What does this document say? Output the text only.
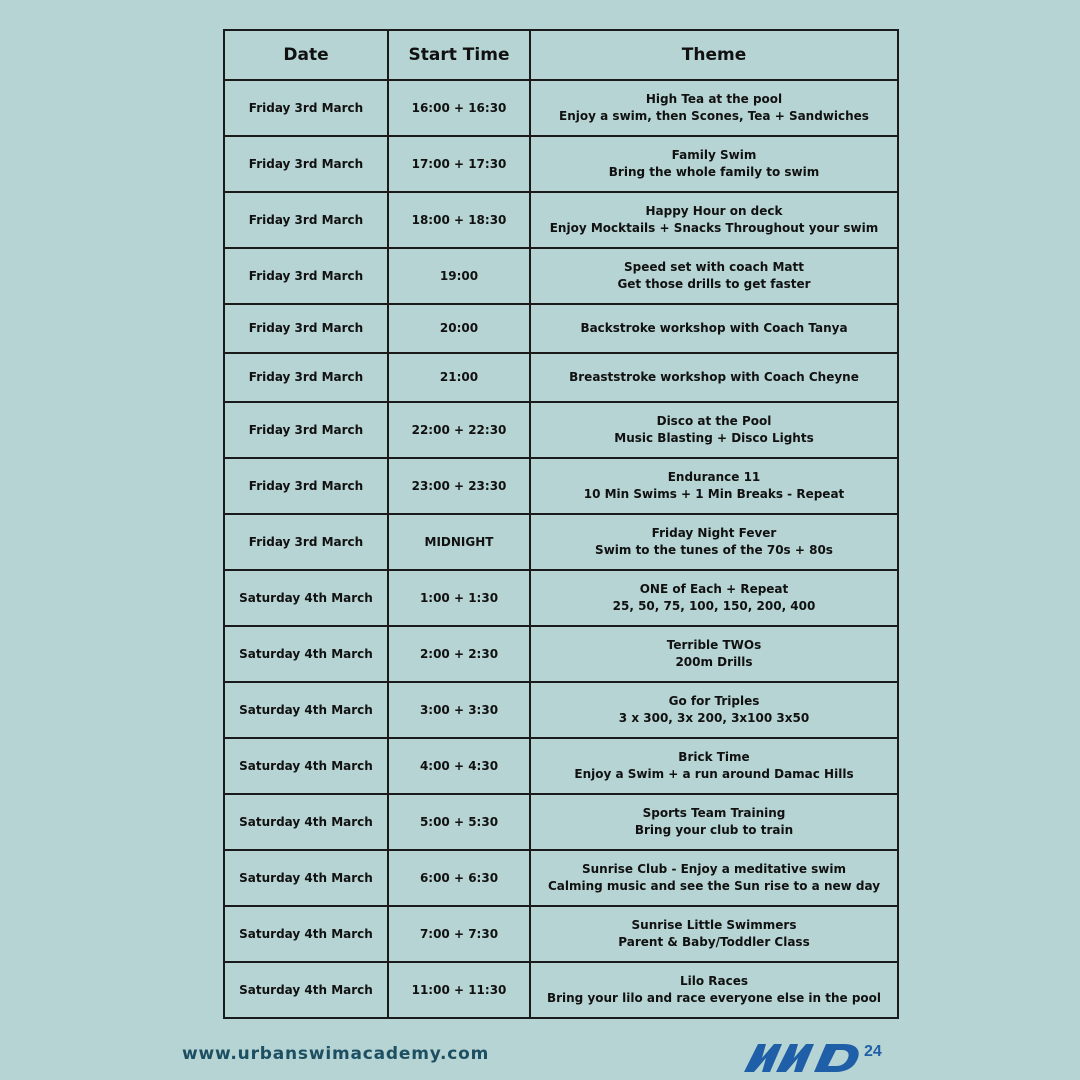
Date	Start Time	Theme
Friday 3rd March	16:00 + 16:30	High Tea at the pool
Enjoy a swim, then Scones, Tea + Sandwiches

Friday 3rd March	17:00 + 17:30	Family Swim
Bring the whole family to swim

Friday 3rd March	18:00 + 18:30	Happy Hour on deck
Enjoy Mocktails + Snacks Throughout your swim

Friday 3rd March	19:00	Speed set with coach Matt
Get those drills to get faster

Friday 3rd March	20:00	Backstroke workshop with Coach Tanya

Friday 3rd March	21:00	Breaststroke workshop with Coach Cheyne

Friday 3rd March	22:00 + 22:30	Disco at the Pool
Music Blasting + Disco Lights

Friday 3rd March	23:00 + 23:30	Endurance 11
10 Min Swims + 1 Min Breaks - Repeat

Friday 3rd March	MIDNIGHT	Friday Night Fever
Swim to the tunes of the 70s + 80s

Saturday 4th March	1:00 + 1:30	ONE of Each + Repeat
25, 50, 75, 100, 150, 200, 400

Saturday 4th March	2:00 + 2:30	Terrible TWOs
200m Drills

Saturday 4th March	3:00 + 3:30	Go for Triples
3 x 300, 3x 200, 3x100 3x50

Saturday 4th March	4:00 + 4:30	Brick Time
Enjoy a Swim + a run around Damac Hills

Saturday 4th March	5:00 + 5:30	Sports Team Training
Bring your club to train

Saturday 4th March	6:00 + 6:30	Sunrise Club - Enjoy a meditative swim
Calming music and see the Sun rise to a new day

Saturday 4th March	7:00 + 7:30	Sunrise Little Swimmers
Parent & Baby/Toddler Class

Saturday 4th March	11:00 + 11:30	Lilo Races
Bring your lilo and race everyone else in the pool
www.urbanswimacademy.com	24
